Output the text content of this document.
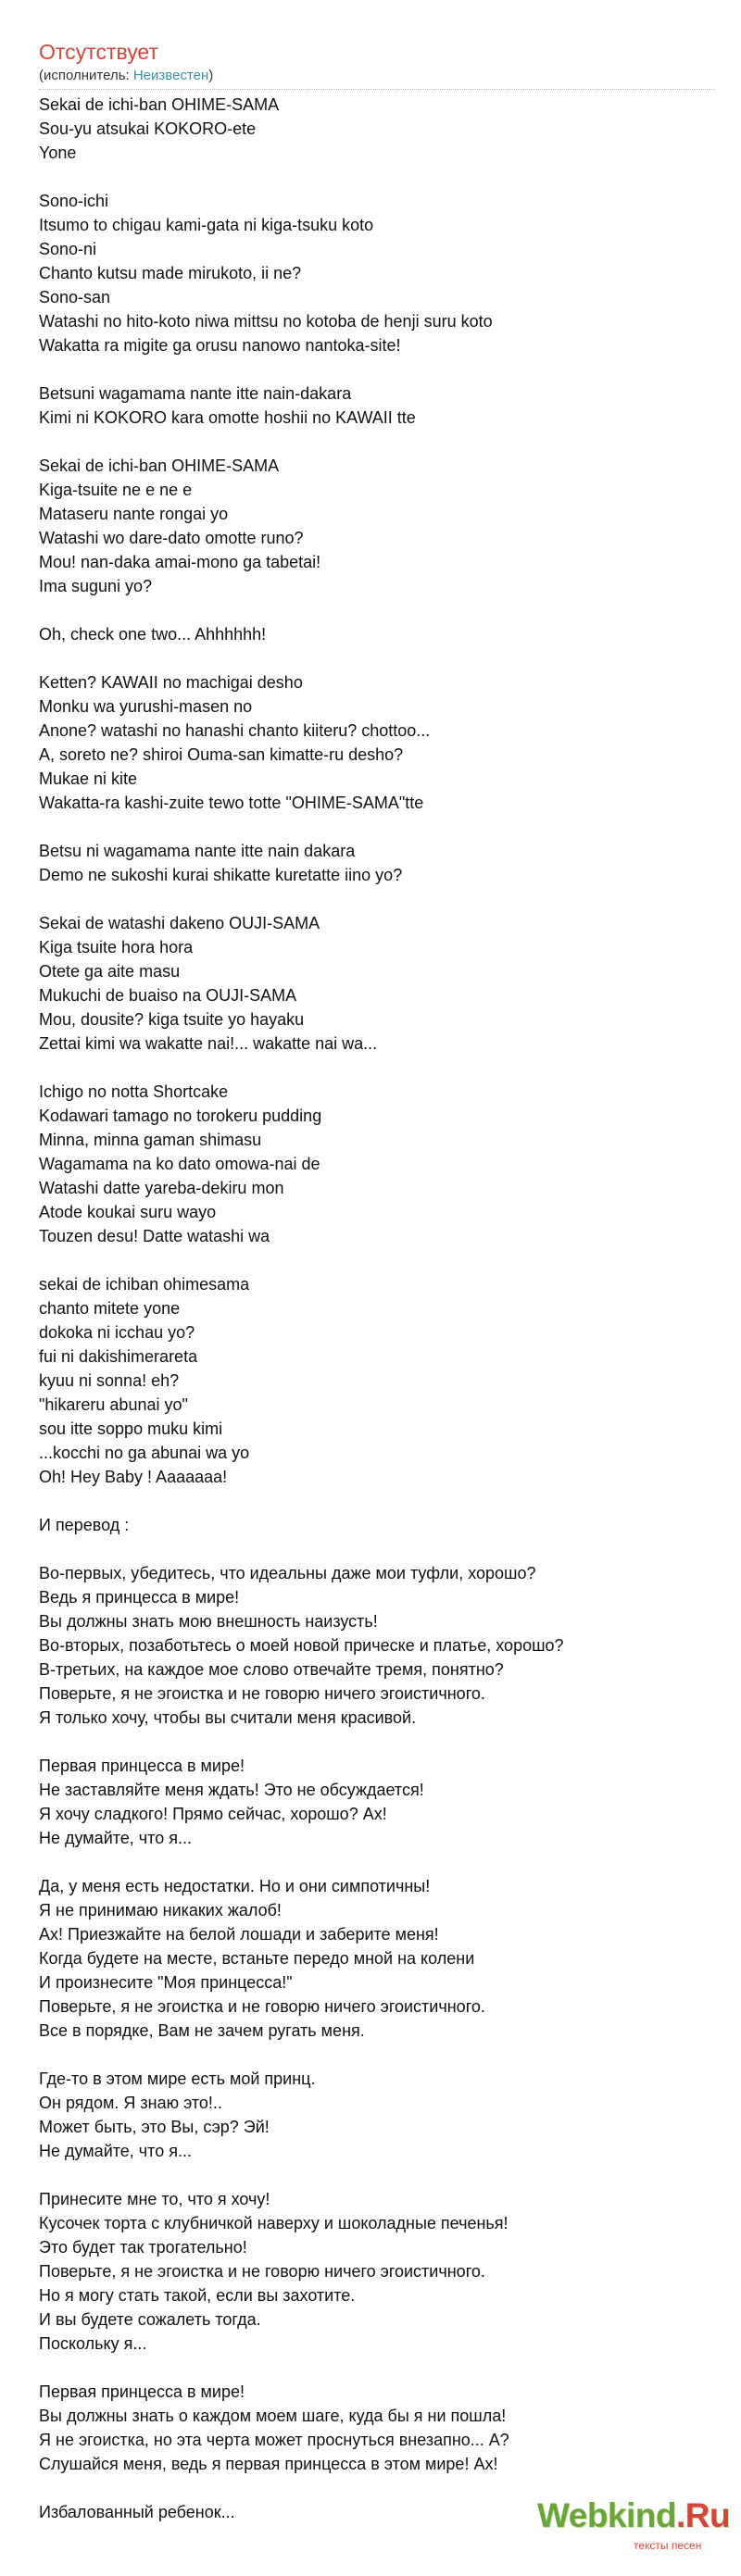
Отсутствует
(исполнитель: Неизвестен)
Sekai de ichi-ban OHIME-SAMA
Sou-yu atsukai KOKORO-ete
Yone
Sono-ichi
Itsumo to chigau kami-gata ni kiga-tsuku koto
Sono-ni
Chanto kutsu made mirukoto, ii ne?
Sono-san
Watashi no hito-koto niwa mittsu no kotoba de henji suru koto
Wakatta ra migite ga orusu nanowo nantoka-site!
Betsuni wagamama nante itte nain-dakara
Kimi ni KOKORO kara omotte hoshii no KAWAII tte
Sekai de ichi-ban OHIME-SAMA
Kiga-tsuite ne e ne e
Mataseru nante rongai yo
Watashi wo dare-dato omotte runo?
Mou! nan-daka amai-mono ga tabetai!
Ima suguni yo?
Oh, check one two... Ahhhhhh!
Ketten? KAWAII no machigai desho
Monku wa yurushi-masen no
Anone? watashi no hanashi chanto kiiteru? chottoo...
A, soreto ne? shiroi Ouma-san kimatte-ru desho?
Mukae ni kite
Wakatta-ra kashi-zuite tewo totte "OHIME-SAMA"tte
Betsu ni wagamama nante itte nain dakara
Demo ne sukoshi kurai shikatte kuretatte iino yo?
Sekai de watashi dakeno OUJI-SAMA
Kiga tsuite hora hora
Otete ga aite masu
Mukuchi de buaiso na OUJI-SAMA
Mou, dousite? kiga tsuite yo hayaku
Zettai kimi wa wakatte nai!... wakatte nai wa...
Ichigo no notta Shortcake
Kodawari tamago no torokeru pudding
Minna, minna gaman shimasu
Wagamama na ko dato omowa-nai de
Watashi datte yareba-dekiru mon
Atode koukai suru wayo
Touzen desu! Datte watashi wa
sekai de ichiban ohimesama
chanto mitete yone
dokoka ni icchau yo?
fui ni dakishimerareta
kyuu ni sonna! eh?
"hikareru abunai yo"
sou itte soppo muku kimi
...kocchi no ga abunai wa yo
Oh! Hey Baby ! Aaaaaaa!
И перевод :
Во-первых, убедитесь, что идеальны даже мои туфли, хорошо?
Ведь я принцесса в мире!
Вы должны знать мою внешность наизусть!
Во-вторых, позаботьтесь о моей новой прическе и платье, хорошо?
В-третьих, на каждое мое слово отвечайте тремя, понятно?
Поверьте, я не эгоистка и не говорю ничего эгоистичного.
Я только хочу, чтобы вы считали меня красивой.
Первая принцесса в мире!
Не заставляйте меня ждать! Это не обсуждается!
Я хочу сладкого! Прямо сейчас, хорошо? Ах!
Не думайте, что я...
Да, у меня есть недостатки. Но и они симпотичны!
Я не принимаю никаких жалоб!
Ах! Приезжайте на белой лошади и заберите меня!
Когда будете на месте, встаньте передо мной на колени
И произнесите "Моя принцесса!"
Поверьте, я не эгоистка и не говорю ничего эгоистичного.
Все в порядке, Вам не зачем ругать меня.
Где-то в этом мире есть мой принц.
Он рядом. Я знаю это!..
Может быть, это Вы, сэр? Эй!
Не думайте, что я...
Принесите мне то, что я хочу!
Кусочек торта с клубничкой наверху и шоколадные печенья!
Это будет так трогательно!
Поверьте, я не эгоистка и не говорю ничего эгоистичного.
Но я могу стать такой, если вы захотите.
И вы будете сожалеть тогда.
Поскольку я...
Первая принцесса в мире!
Вы должны знать о каждом моем шаге, куда бы я ни пошла!
Я не эгоистка, но эта черта может проснуться внезапно... А?
Слушайся меня, ведь я первая принцесса в этом мире! Ах!
Избалованный ребенок...	Webkind.Ru
тексты песен
